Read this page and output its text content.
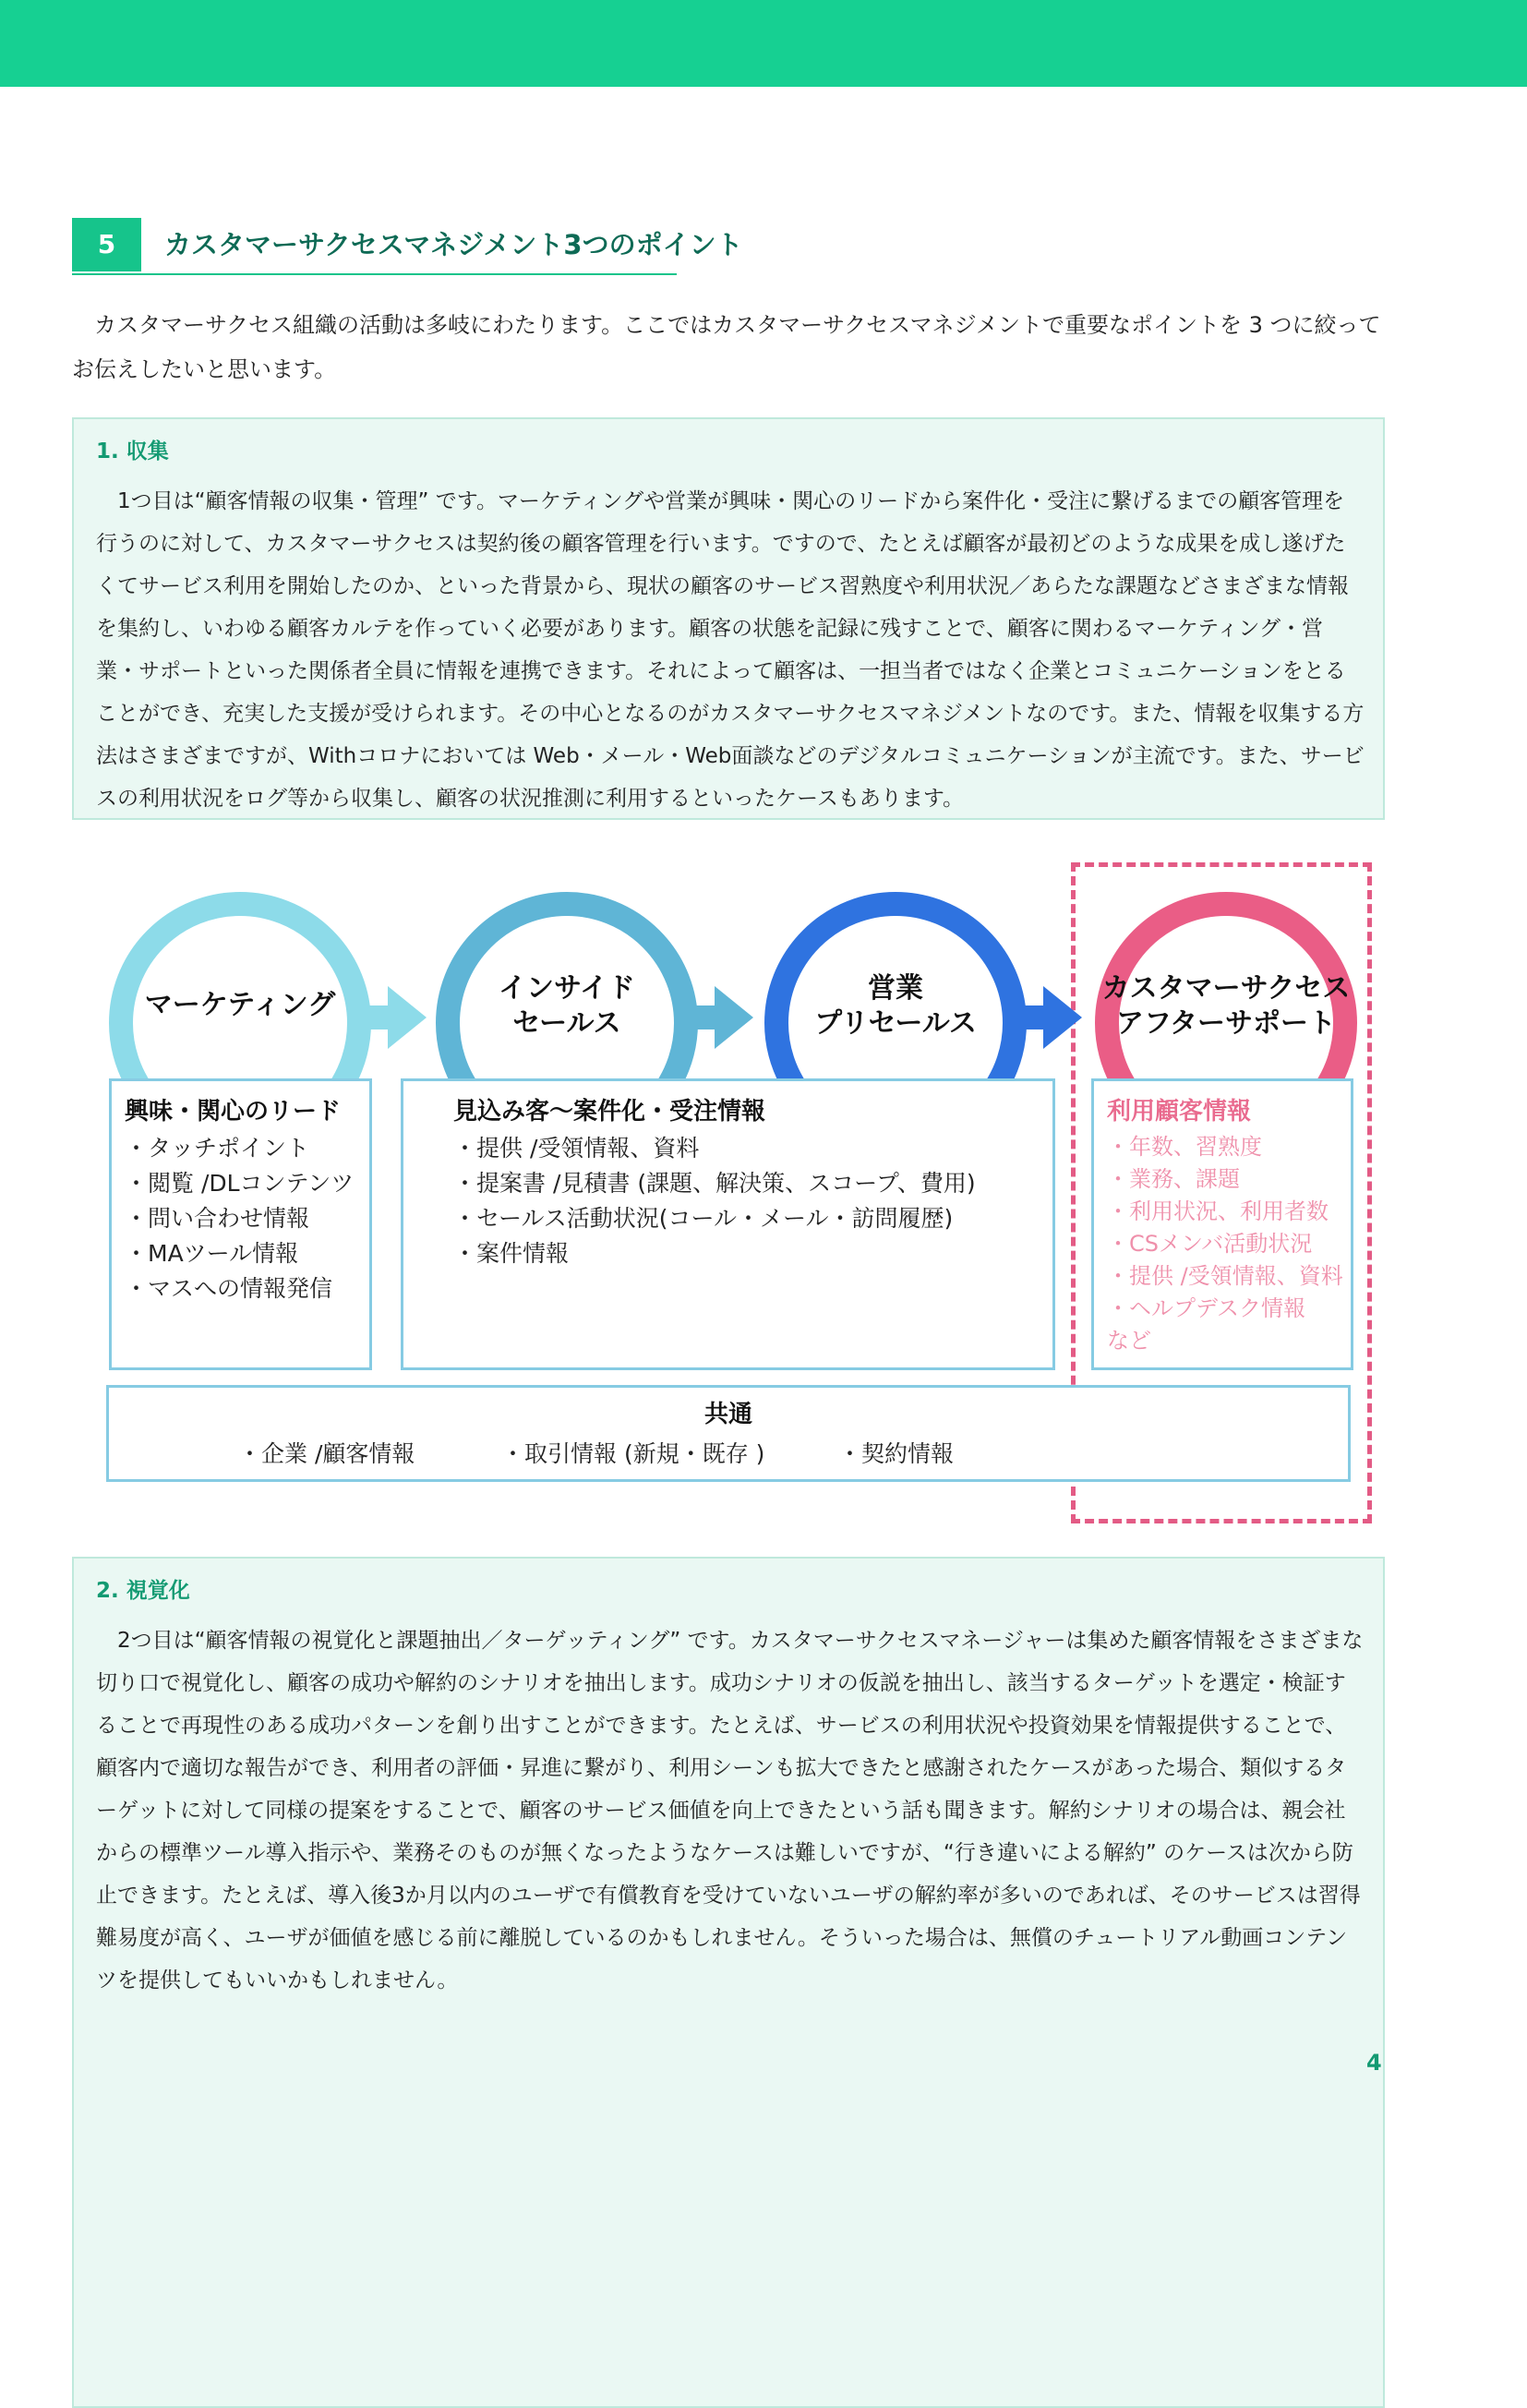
5	カスタマーサクセスマネジメント3つのポイント
カスタマーサクセス組織の活動は多岐にわたります。ここではカスタマーサクセスマネジメントで重要なポイントを 3 つに絞ってお伝えしたいと思います。
1. 収集
1つ目は“顧客情報の収集・管理” です。マーケティングや営業が興味・関心のリードから案件化・受注に繋げるまでの顧客管理を行うのに対して、カスタマーサクセスは契約後の顧客管理を行います。ですので、たとえば顧客が最初どのような成果を成し遂げたくてサービス利用を開始したのか、といった背景から、現状の顧客のサービス習熟度や利用状況／あらたな課題などさまざまな情報を集約し、いわゆる顧客カルテを作っていく必要があります。顧客の状態を記録に残すことで、顧客に関わるマーケティング・営業・サポートといった関係者全員に情報を連携できます。それによって顧客は、一担当者ではなく企業とコミュニケーションをとることができ、充実した支援が受けられます。その中心となるのがカスタマーサクセスマネジメントなのです。また、情報を収集する方法はさまざまですが、Withコロナにおいては Web・メール・Web面談などのデジタルコミュニケーションが主流です。また、サービスの利用状況をログ等から収集し、顧客の状況推測に利用するといったケースもあります。
マーケティング
インサイド
セールス
営業
プリセールス
カスタマーサクセス
アフターサポート
興味・関心のリード
・タッチポイント
・閲覧 /DLコンテンツ
・問い合わせ情報
・MAツール情報
・マスへの情報発信
見込み客～案件化・受注情報
・提供 /受領情報、資料
・提案書 /見積書 (課題、解決策、スコープ、費用)
・セールス活動状況(コール・メール・訪問履歴)
・案件情報
利用顧客情報
・年数、習熟度
・業務、課題
・利用状況、利用者数
・CSメンバ活動状況
・提供 /受領情報、資料
・ヘルプデスク情報
など
共通
・企業 /顧客情報	・取引情報 (新規・既存 )	・契約情報
2. 視覚化
2つ目は“顧客情報の視覚化と課題抽出／ターゲッティング” です。カスタマーサクセスマネージャーは集めた顧客情報をさまざまな切り口で視覚化し、顧客の成功や解約のシナリオを抽出します。成功シナリオの仮説を抽出し、該当するターゲットを選定・検証することで再現性のある成功パターンを創り出すことができます。たとえば、サービスの利用状況や投資効果を情報提供することで、顧客内で適切な報告ができ、利用者の評価・昇進に繋がり、利用シーンも拡大できたと感謝されたケースがあった場合、類似するターゲットに対して同様の提案をすることで、顧客のサービス価値を向上できたという話も聞きます。解約シナリオの場合は、親会社からの標準ツール導入指示や、業務そのものが無くなったようなケースは難しいですが、“行き違いによる解約” のケースは次から防止できます。たとえば、導入後3か月以内のユーザで有償教育を受けていないユーザの解約率が多いのであれば、そのサービスは習得難易度が高く、ユーザが価値を感じる前に離脱しているのかもしれません。そういった場合は、無償のチュートリアル動画コンテンツを提供してもいいかもしれません。
4
